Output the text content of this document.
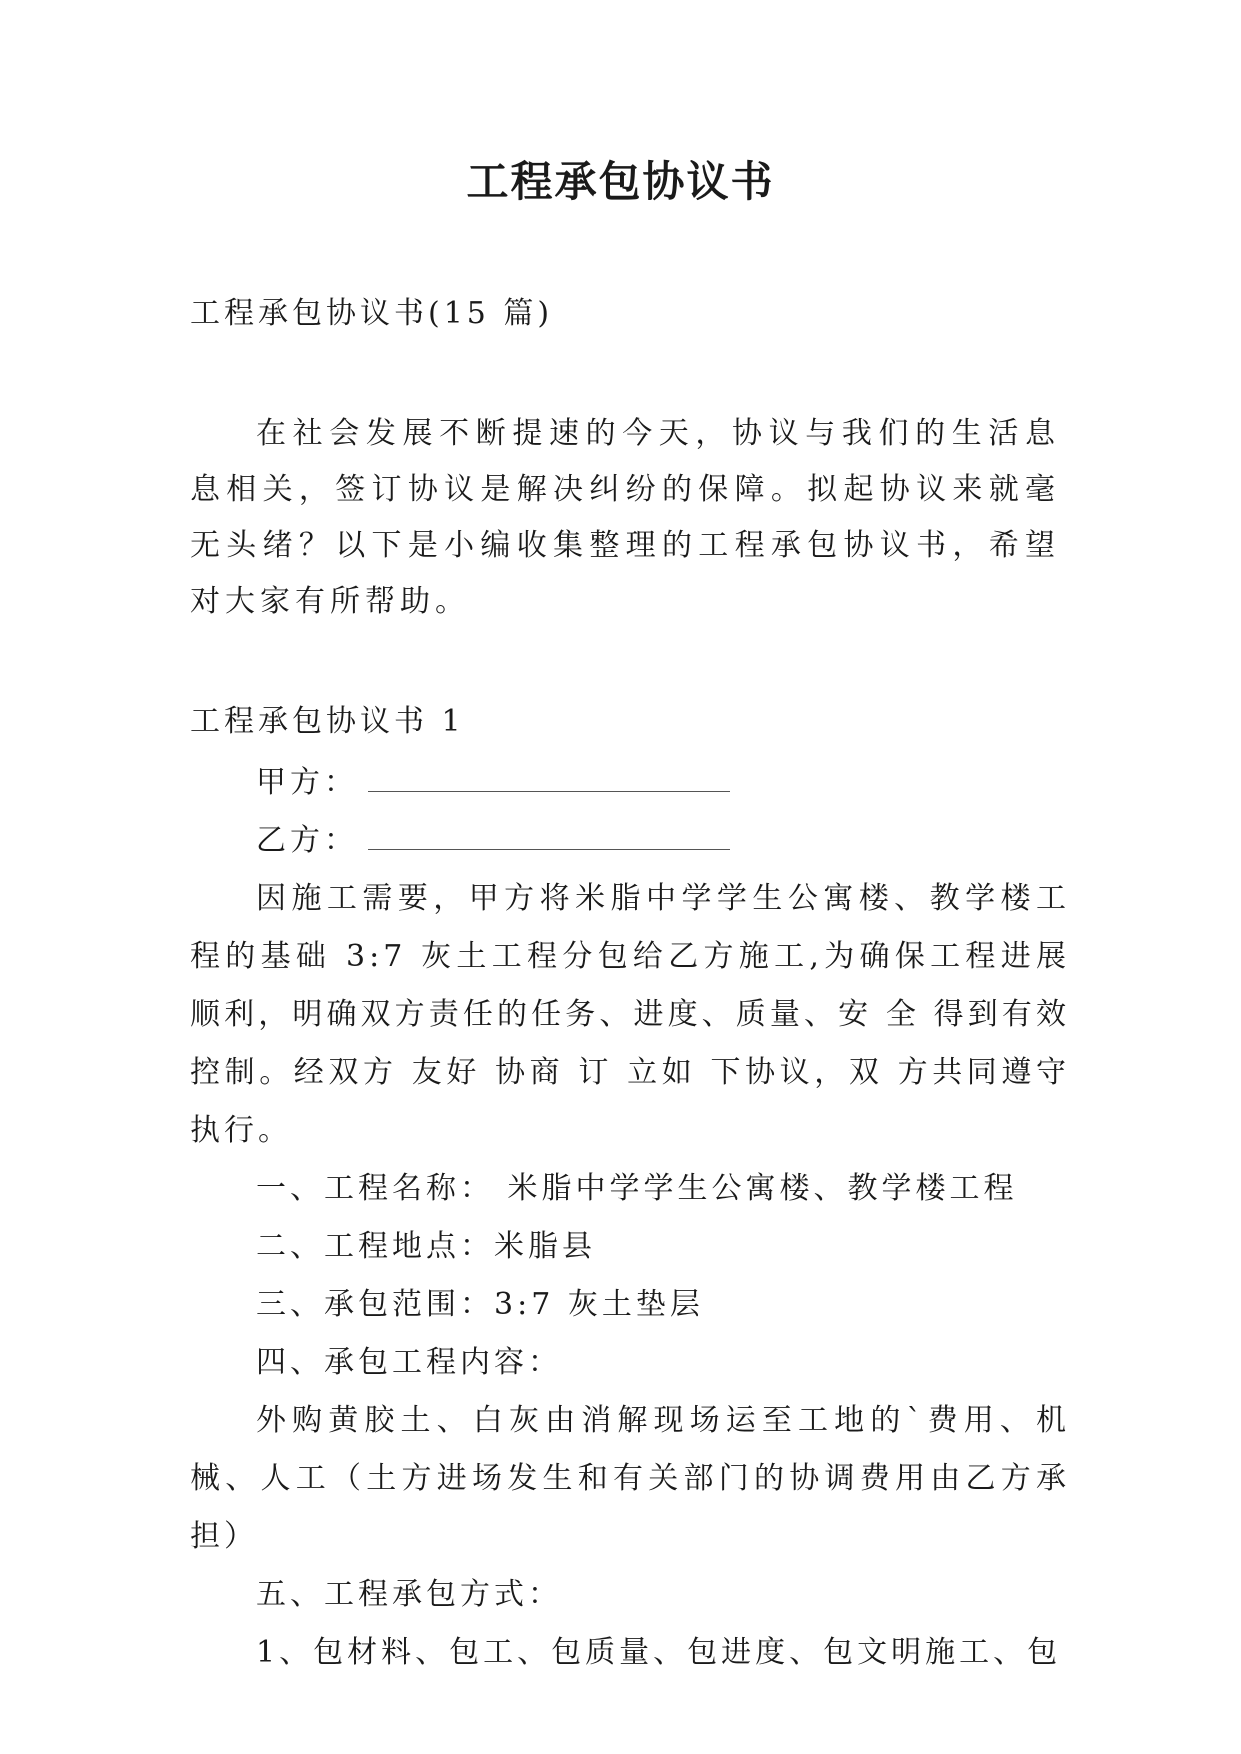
工程承包协议书

工程承包协议书(15 篇)

在社会发展不断提速的今天，协议与我们的生活息息相关，签订协议是解决纠纷的保障。拟起协议来就毫无头绪？以下是小编收集整理的工程承包协议书，希望对大家有所帮助。

工程承包协议书 1

甲方：

乙方：

因施工需要，甲方将米脂中学学生公寓楼、教学楼工程的基础 3:7 灰土工程分包给乙方施工,为确保工程进展顺利，明确双方责任的任务、进度、质量、安 全 得到有效控制。经双方 友好 协商 订 立如 下协议，双 方共同遵守执行。

一、工程名称： 米脂中学学生公寓楼、教学楼工程

二、工程地点：米脂县

三、承包范围：3:7 灰土垫层

四、承包工程内容：

外购黄胶土、白灰由消解现场运至工地的`费用、机械、人工（土方进场发生和有关部门的协调费用由乙方承担）

五、工程承包方式：

1、包材料、包工、包质量、包进度、包文明施工、包
